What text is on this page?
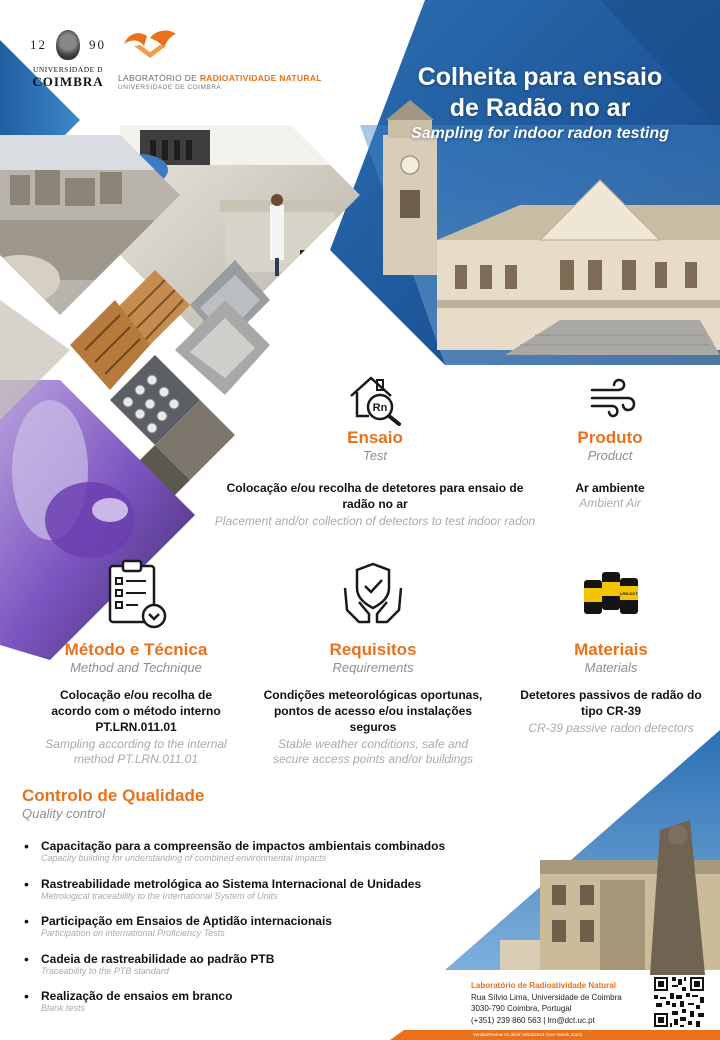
12	90
UNIVERSIDADE D
COIMBRA LABORATÓRIO DE RADIOATIVIDADE NATURAL
UNIVERSIDADE DE COIMBRA	Colheita para ensaio
de Radão no ar
Sampling for indoor radon testing
Rn
Ensaio
Test
Colocação e/ou recolha de detetores para ensaio de radão no ar
Placement and/or collection of detectors to test indoor radon
Produto
Product
Ar ambiente
Ambient Air
Método e Técnica
Method and Technique
Colocação e/ou recolha de acordo com o método interno PT.LRN.011.01
Sampling according to the internal method PT.LRN.011.01
Requisitos
Requirements
Condições meteorológicas oportunas, pontos de acesso e/ou instalações seguros
Stable weather conditions, safe and secure access points and/or buildings
LRN-DCT
Materiais
Materials
Detetores passivos de radão do tipo CR-39
CR-39 passive radon detectors
Controlo de Qualidade
Quality control
• Capacitação para a compreensão de impactos ambientais combinados
Capacity building for understanding of combined environmental impacts
• Rastreabilidade metrológica ao Sistema Internacional de Unidades
Metrological traceability to the International System of Units
• Participação em Ensaios de Aptidão internacionais
Participation on international Proficiency Tests
• Cadeia de rastreabilidade ao padrão PTB
Traceability to the PTB standard
• Realização de ensaios em branco
Blank tests
Laboratório de Radioatividade Natural
Rua Sílvio Lima, Universidade de Coimbra
3030-790 Coimbra, Portugal
(+351) 239 860 563 | lrn@dct.uc.pt
Versão/Review 01 de/of 16/03/2023 (Gen Month 2023)
